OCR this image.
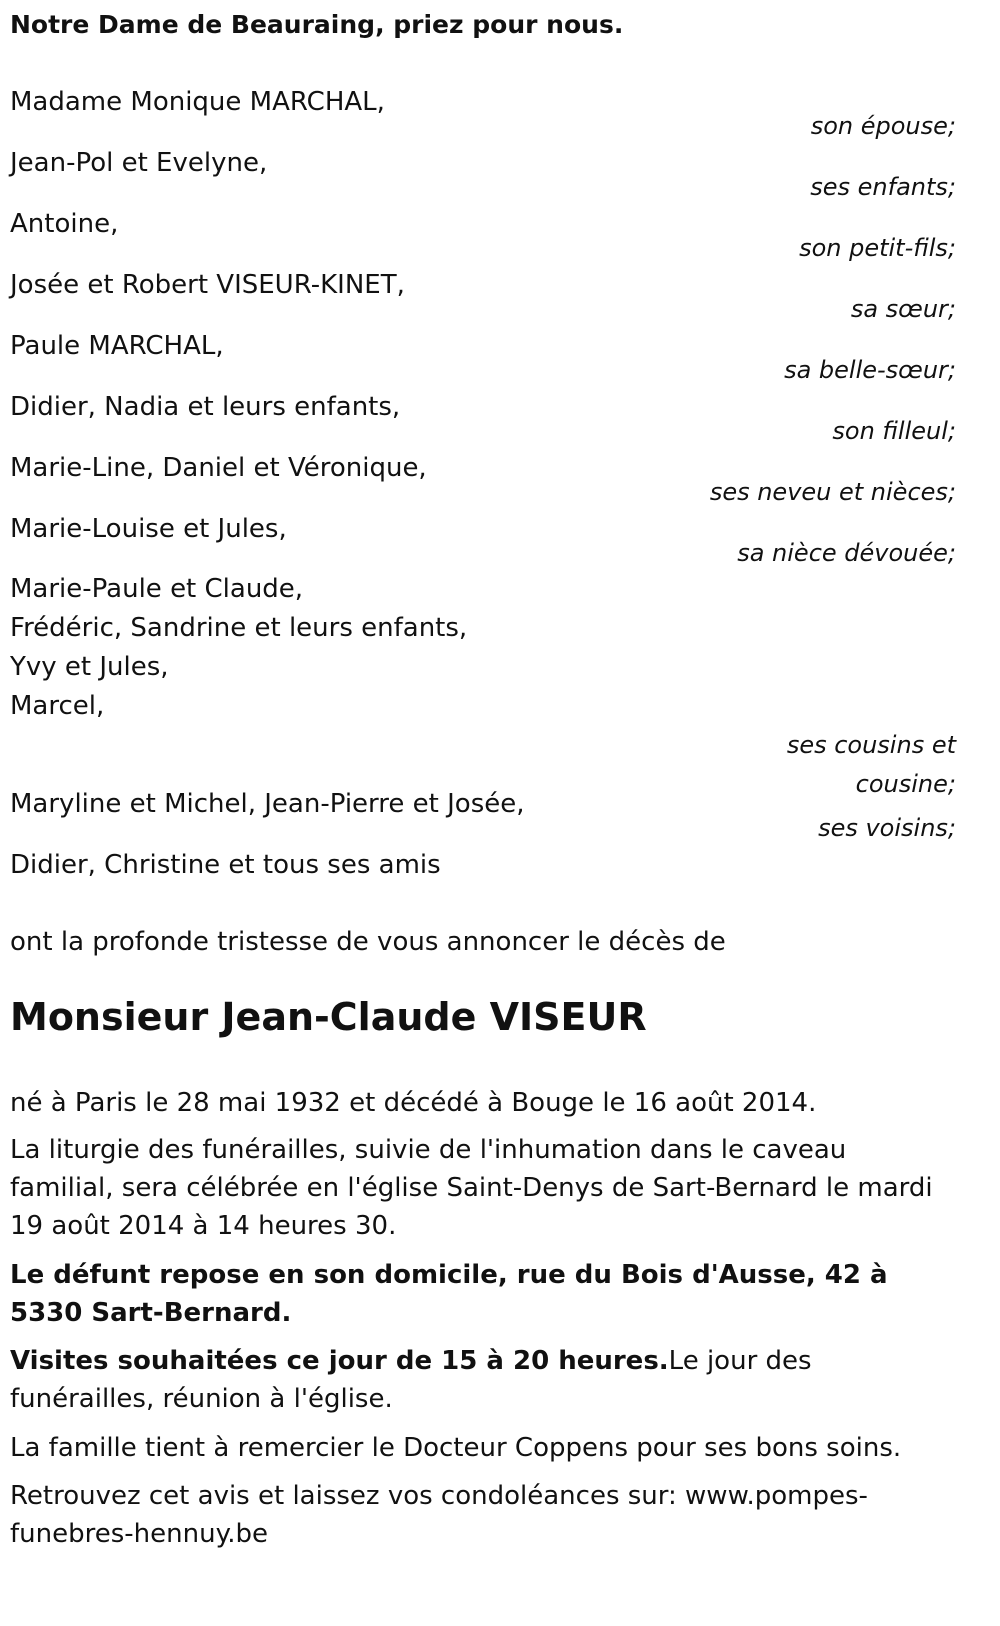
Notre Dame de Beauraing, priez pour nous.
Madame Monique MARCHAL,
son épouse;
Jean-Pol et Evelyne,
ses enfants;
Antoine,
son petit-fils;
Josée et Robert VISEUR-KINET,
sa sœur;
Paule MARCHAL,
sa belle-sœur;
Didier, Nadia et leurs enfants,
son filleul;
Marie-Line, Daniel et Véronique,
ses neveu et nièces;
Marie-Louise et Jules,
sa nièce dévouée;
Marie-Paule et Claude,
Frédéric, Sandrine et leurs enfants,
Yvy et Jules,
Marcel,
ses cousins et
cousine;
Maryline et Michel, Jean-Pierre et Josée,
ses voisins;
Didier, Christine et tous ses amis
ont la profonde tristesse de vous annoncer le décès de
Monsieur Jean-Claude VISEUR
né à Paris le 28 mai 1932 et décédé à Bouge le 16 août 2014.
La liturgie des funérailles, suivie de l'inhumation dans le caveau familial, sera célébrée en l'église Saint-Denys de Sart-Bernard le mardi 19 août 2014 à 14 heures 30.
Le défunt repose en son domicile, rue du Bois d'Ausse, 42 à 5330 Sart-Bernard.
Visites souhaitées ce jour de 15 à 20 heures.Le jour des funérailles, réunion à l'église.
La famille tient à remercier le Docteur Coppens pour ses bons soins.
Retrouvez cet avis et laissez vos condoléances sur: www.pompes-funebres-hennuy.be
